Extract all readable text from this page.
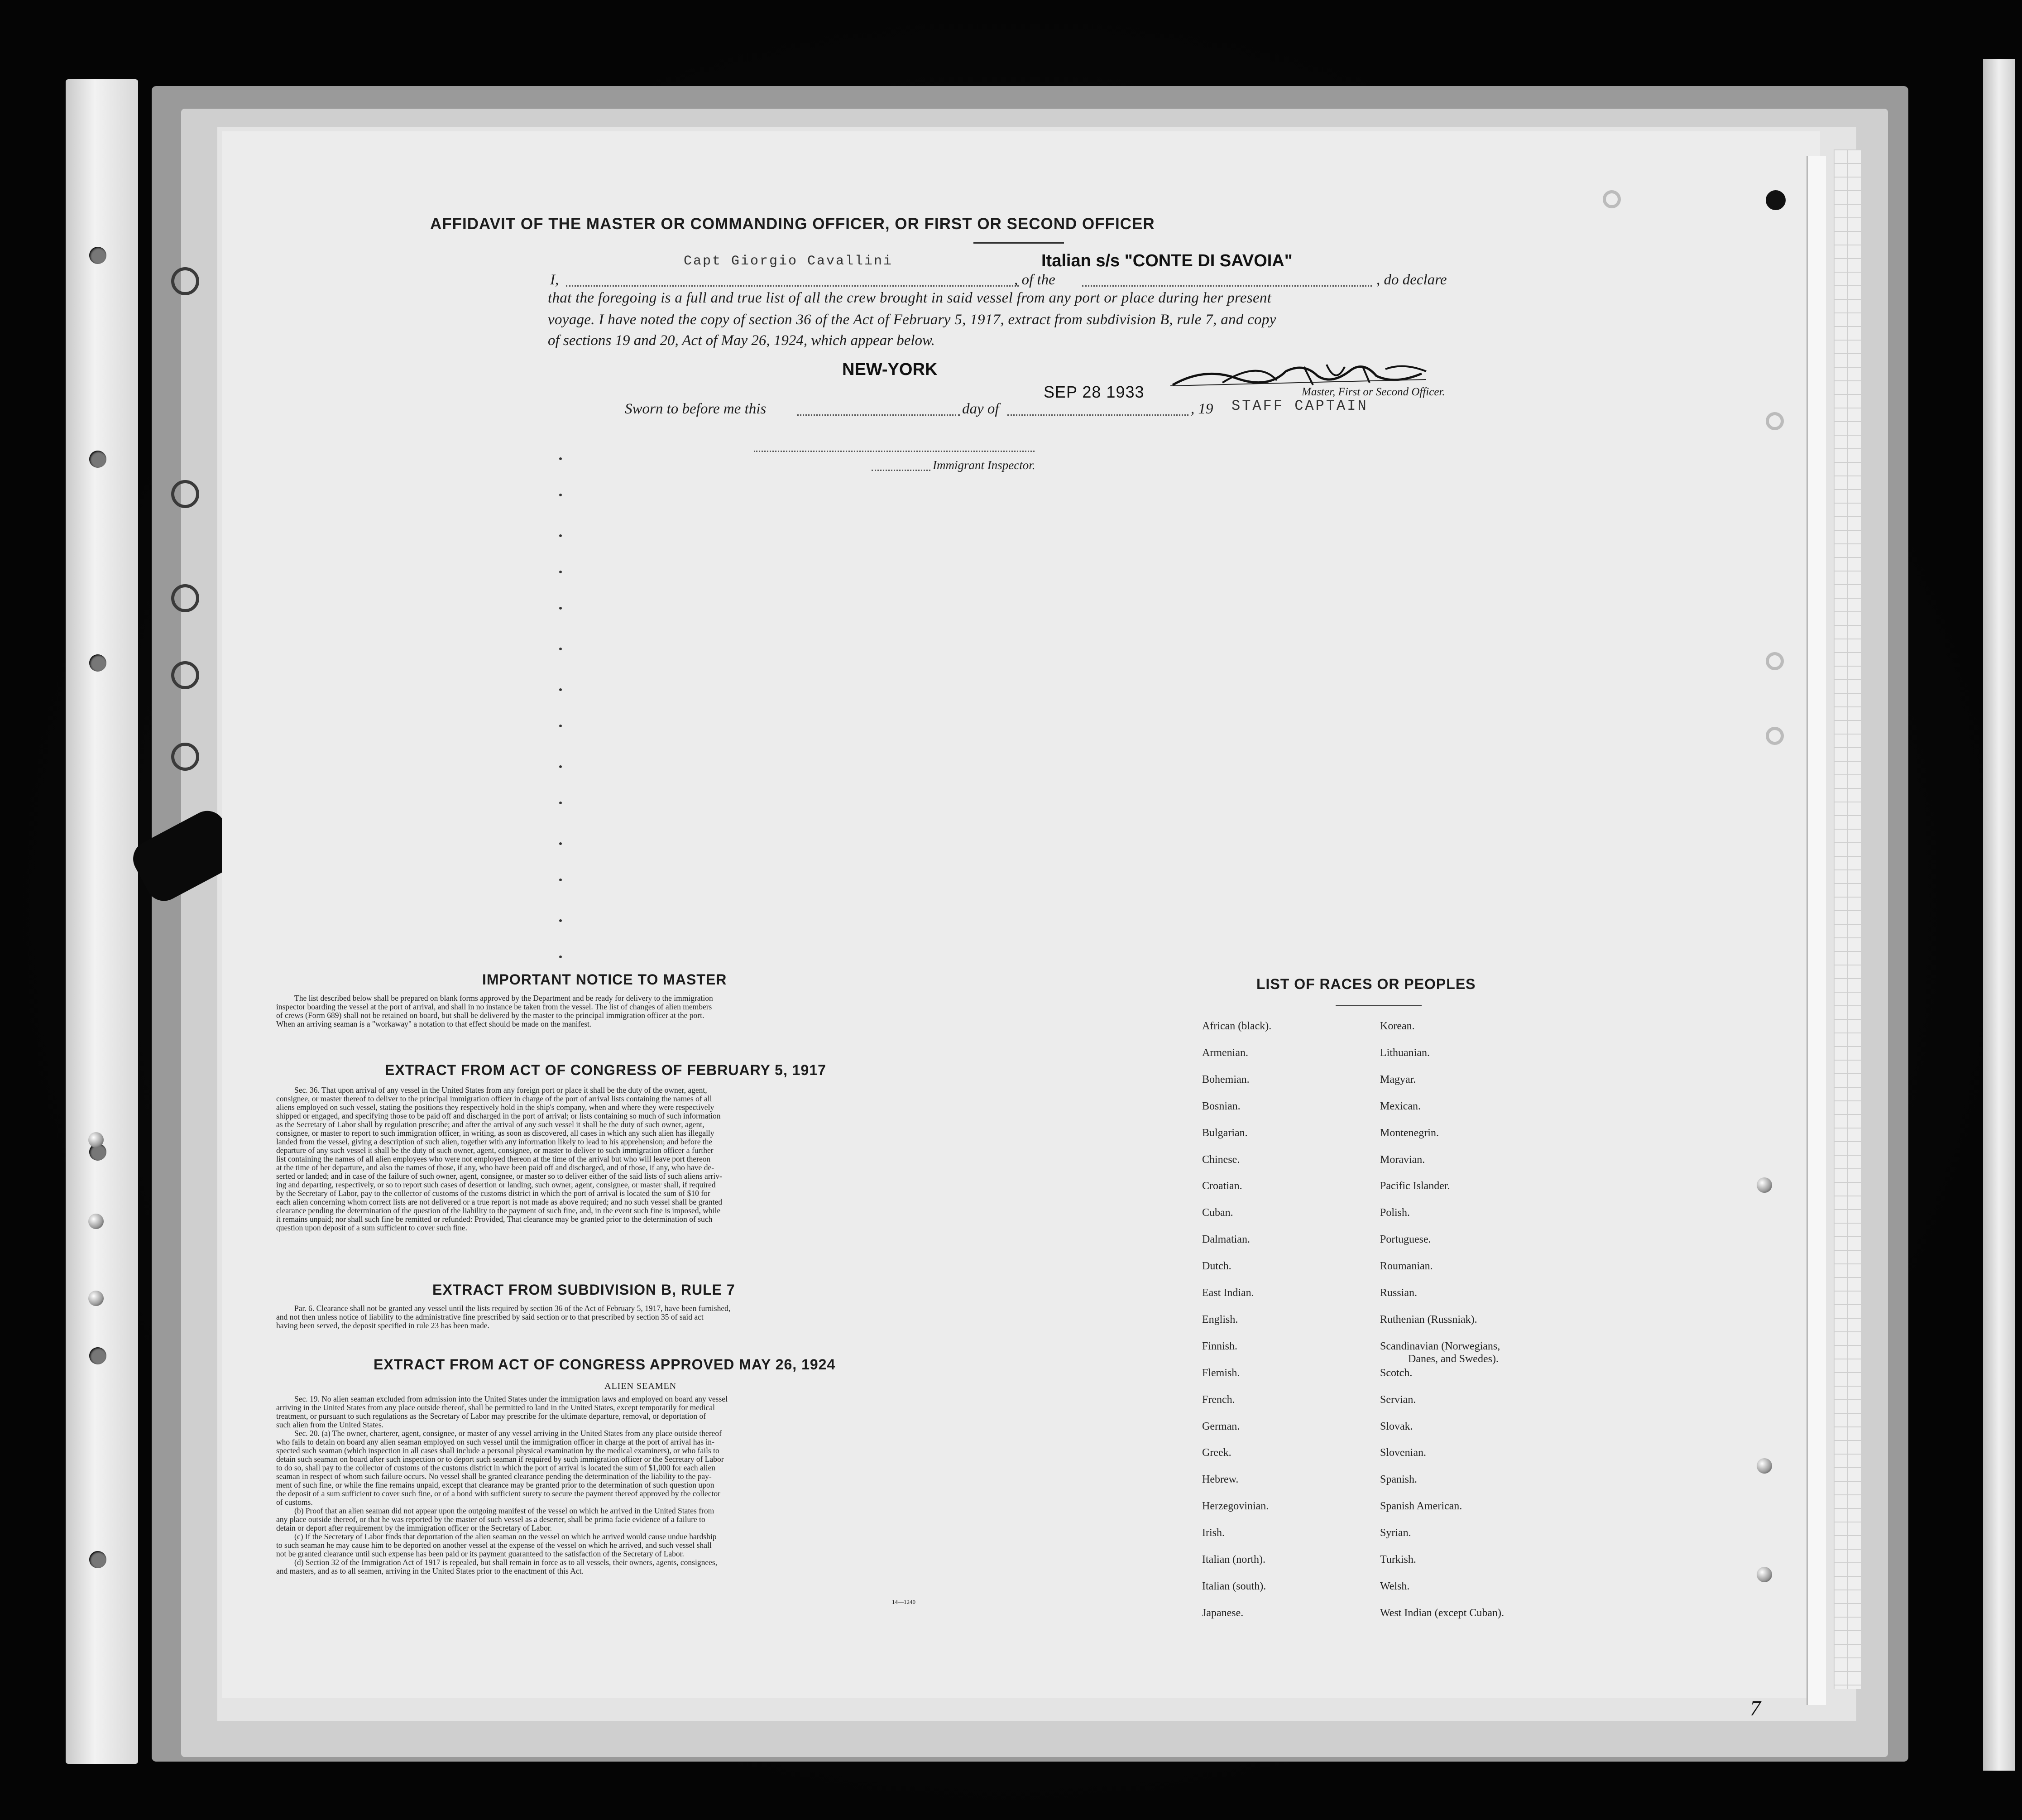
AFFIDAVIT OF THE MASTER OR COMMANDING OFFICER, OR FIRST OR SECOND OFFICER
I,
Capt Giorgio Cavallini
, of the
Italian s/s "CONTE DI SAVOIA"
, do declare
that the foregoing is a full and true list of all the crew brought in said vessel from any port or place during her present
voyage. I have noted the copy of section 36 of the Act of February 5, 1917, extract from subdivision B, rule 7, and copy
of sections 19 and 20, Act of May 26, 1924, which appear below.
NEW-YORK
Sworn to before me this	day of
SEP 28 1933
, 19
Master, First or Second Officer.
STAFF CAPTAIN
Immigrant Inspector.
IMPORTANT NOTICE TO MASTER
The list described below shall be prepared on blank forms approved by the Department and be ready for delivery to the immigration
inspector boarding the vessel at the port of arrival, and shall in no instance be taken from the vessel. The list of changes of alien members
of crews (Form 689) shall not be retained on board, but shall be delivered by the master to the principal immigration officer at the port.
When an arriving seaman is a "workaway" a notation to that effect should be made on the manifest.
EXTRACT FROM ACT OF CONGRESS OF FEBRUARY 5, 1917
Sec. 36. That upon arrival of any vessel in the United States from any foreign port or place it shall be the duty of the owner, agent,
consignee, or master thereof to deliver to the principal immigration officer in charge of the port of arrival lists containing the names of all
aliens employed on such vessel, stating the positions they respectively hold in the ship's company, when and where they were respectively
shipped or engaged, and specifying those to be paid off and discharged in the port of arrival; or lists containing so much of such information
as the Secretary of Labor shall by regulation prescribe; and after the arrival of any such vessel it shall be the duty of such owner, agent,
consignee, or master to report to such immigration officer, in writing, as soon as discovered, all cases in which any such alien has illegally
landed from the vessel, giving a description of such alien, together with any information likely to lead to his apprehension; and before the
departure of any such vessel it shall be the duty of such owner, agent, consignee, or master to deliver to such immigration officer a further
list containing the names of all alien employees who were not employed thereon at the time of the arrival but who will leave port thereon
at the time of her departure, and also the names of those, if any, who have been paid off and discharged, and of those, if any, who have de-
serted or landed; and in case of the failure of such owner, agent, consignee, or master so to deliver either of the said lists of such aliens arriv-
ing and departing, respectively, or so to report such cases of desertion or landing, such owner, agent, consignee, or master shall, if required
by the Secretary of Labor, pay to the collector of customs of the customs district in which the port of arrival is located the sum of $10 for
each alien concerning whom correct lists are not delivered or a true report is not made as above required; and no such vessel shall be granted
clearance pending the determination of the question of the liability to the payment of such fine, and, in the event such fine is imposed, while
it remains unpaid; nor shall such fine be remitted or refunded: Provided, That clearance may be granted prior to the determination of such
question upon deposit of a sum sufficient to cover such fine.
EXTRACT FROM SUBDIVISION B, RULE 7
Par. 6. Clearance shall not be granted any vessel until the lists required by section 36 of the Act of February 5, 1917, have been furnished,
and not then unless notice of liability to the administrative fine prescribed by said section or to that prescribed by section 35 of said act
having been served, the deposit specified in rule 23 has been made.
EXTRACT FROM ACT OF CONGRESS APPROVED MAY 26, 1924
ALIEN SEAMEN
Sec. 19. No alien seaman excluded from admission into the United States under the immigration laws and employed on board any vessel
arriving in the United States from any place outside thereof, shall be permitted to land in the United States, except temporarily for medical
treatment, or pursuant to such regulations as the Secretary of Labor may prescribe for the ultimate departure, removal, or deportation of
such alien from the United States.
Sec. 20. (a) The owner, charterer, agent, consignee, or master of any vessel arriving in the United States from any place outside thereof
who fails to detain on board any alien seaman employed on such vessel until the immigration officer in charge at the port of arrival has in-
spected such seaman (which inspection in all cases shall include a personal physical examination by the medical examiners), or who fails to
detain such seaman on board after such inspection or to deport such seaman if required by such immigration officer or the Secretary of Labor
to do so, shall pay to the collector of customs of the customs district in which the port of arrival is located the sum of $1,000 for each alien
seaman in respect of whom such failure occurs. No vessel shall be granted clearance pending the determination of the liability to the pay-
ment of such fine, or while the fine remains unpaid, except that clearance may be granted prior to the determination of such question upon
the deposit of a sum sufficient to cover such fine, or of a bond with sufficient surety to secure the payment thereof approved by the collector
of customs.
(b) Proof that an alien seaman did not appear upon the outgoing manifest of the vessel on which he arrived in the United States from
any place outside thereof, or that he was reported by the master of such vessel as a deserter, shall be prima facie evidence of a failure to
detain or deport after requirement by the immigration officer or the Secretary of Labor.
(c) If the Secretary of Labor finds that deportation of the alien seaman on the vessel on which he arrived would cause undue hardship
to such seaman he may cause him to be deported on another vessel at the expense of the vessel on which he arrived, and such vessel shall
not be granted clearance until such expense has been paid or its payment guaranteed to the satisfaction of the Secretary of Labor.
(d) Section 32 of the Immigration Act of 1917 is repealed, but shall remain in force as to all vessels, their owners, agents, consignees,
and masters, and as to all seamen, arriving in the United States prior to the enactment of this Act.
14—1240
LIST OF RACES OR PEOPLES
African (black).
Armenian.
Bohemian.
Bosnian.
Bulgarian.
Chinese.
Croatian.
Cuban.
Dalmatian.
Dutch.
East Indian.
English.
Finnish.
Flemish.
French.
German.
Greek.
Hebrew.
Herzegovinian.
Irish.
Italian (north).
Italian (south).
Japanese.
Korean.
Lithuanian.
Magyar.
Mexican.
Montenegrin.
Moravian.
Pacific Islander.
Polish.
Portuguese.
Roumanian.
Russian.
Ruthenian (Russniak).
Scandinavian (Norwegians,
Scotch.
Servian.
Slovak.
Slovenian.
Spanish.
Spanish American.
Syrian.
Turkish.
Welsh.
West Indian (except Cuban).
Danes, and Swedes).
7
